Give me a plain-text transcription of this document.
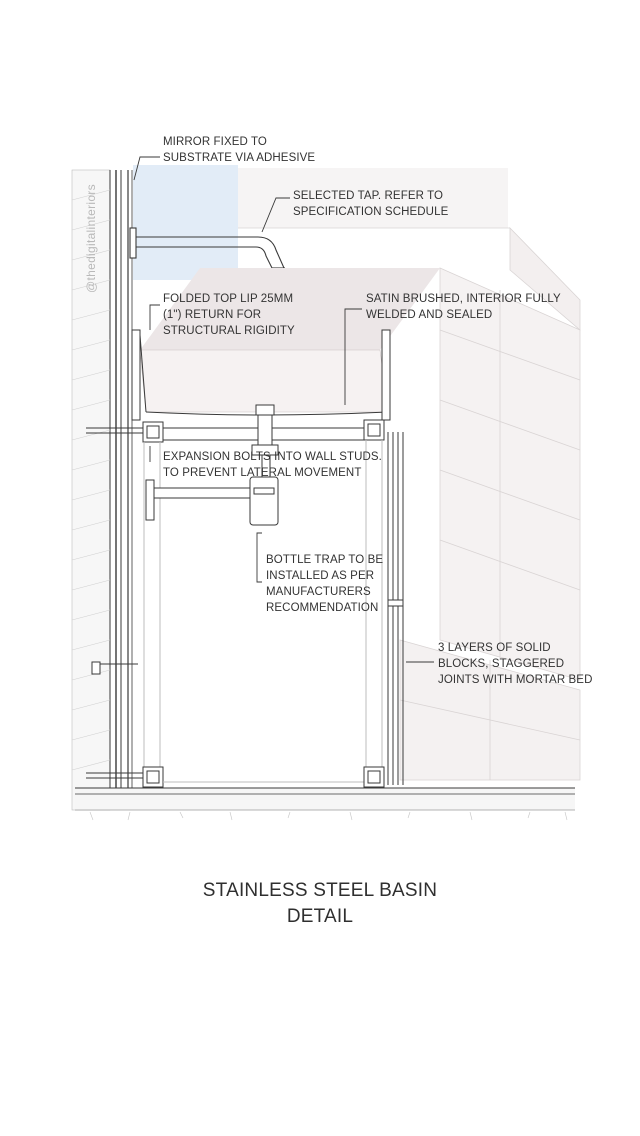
@thedigitalinteriors
MIRROR FIXED TO
SUBSTRATE VIA ADHESIVE
SELECTED TAP. REFER TO
SPECIFICATION SCHEDULE
FOLDED TOP LIP 25MM
(1") RETURN FOR
STRUCTURAL RIGIDITY
SATIN BRUSHED, INTERIOR FULLY
WELDED AND SEALED
EXPANSION BOLTS INTO WALL STUDS.
TO PREVENT LATERAL MOVEMENT
BOTTLE TRAP TO BE
INSTALLED AS PER
MANUFACTURERS
RECOMMENDATION
3 LAYERS OF SOLID
BLOCKS, STAGGERED
JOINTS WITH MORTAR BED
STAINLESS STEEL BASIN
DETAIL
